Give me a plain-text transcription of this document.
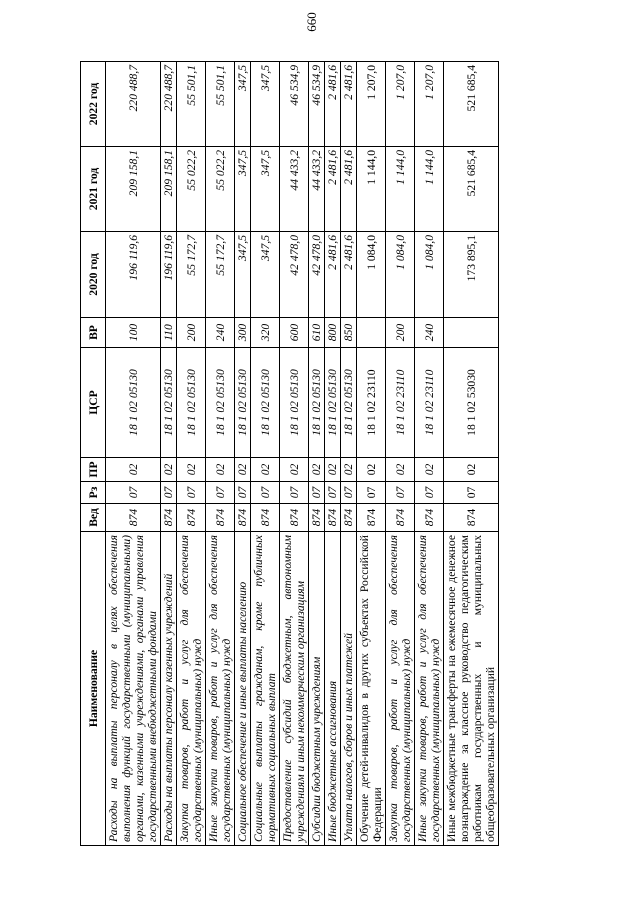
660
Наименование	Вед	Рз	ПР	ЦСР	ВР	2020 год	2021 год	2022 год
Расходы на выплаты персоналу в целях обеспечения выполнения функций государственными (муниципальными) органами, казенными учреждениями, органами управления государственными внебюджетными фондами	874	07	02	18 1 02 05130	100	196 119,6	209 158,1	220 488,7
Расходы на выплаты персоналу казенных учреждений	874	07	02	18 1 02 05130	110	196 119,6	209 158,1	220 488,7
Закупка товаров, работ и услуг для обеспечения государственных (муниципальных) нужд	874	07	02	18 1 02 05130	200	55 172,7	55 022,2	55 501,1
Иные закупки товаров, работ и услуг для обеспечения государственных (муниципальных) нужд	874	07	02	18 1 02 05130	240	55 172,7	55 022,2	55 501,1
Социальное обеспечение и иные выплаты населению	874	07	02	18 1 02 05130	300	347,5	347,5	347,5
Социальные выплаты гражданам, кроме публичных нормативных социальных выплат	874	07	02	18 1 02 05130	320	347,5	347,5	347,5
Предоставление субсидий бюджетным, автономным учреждениям и иным некоммерческим организациям	874	07	02	18 1 02 05130	600	42 478,0	44 433,2	46 534,9
Субсидии бюджетным учреждениям	874	07	02	18 1 02 05130	610	42 478,0	44 433,2	46 534,9
Иные бюджетные ассигнования	874	07	02	18 1 02 05130	800	2 481,6	2 481,6	2 481,6
Уплата налогов, сборов и иных платежей	874	07	02	18 1 02 05130	850	2 481,6	2 481,6	2 481,6
Обучение детей-инвалидов в других субъектах Российской Федерации	874	07	02	18 1 02 23110		1 084,0	1 144,0	1 207,0
Закупка товаров, работ и услуг для обеспечения государственных (муниципальных) нужд	874	07	02	18 1 02 23110	200	1 084,0	1 144,0	1 207,0
Иные закупки товаров, работ и услуг для обеспечения государственных (муниципальных) нужд	874	07	02	18 1 02 23110	240	1 084,0	1 144,0	1 207,0
Иные межбюджетные трансферты на ежемесячное денежное вознаграждение за классное руководство педагогическим работникам государственных и муниципальных общеобразовательных организаций	874	07	02	18 1 02 53030		173 895,1	521 685,4	521 685,4
